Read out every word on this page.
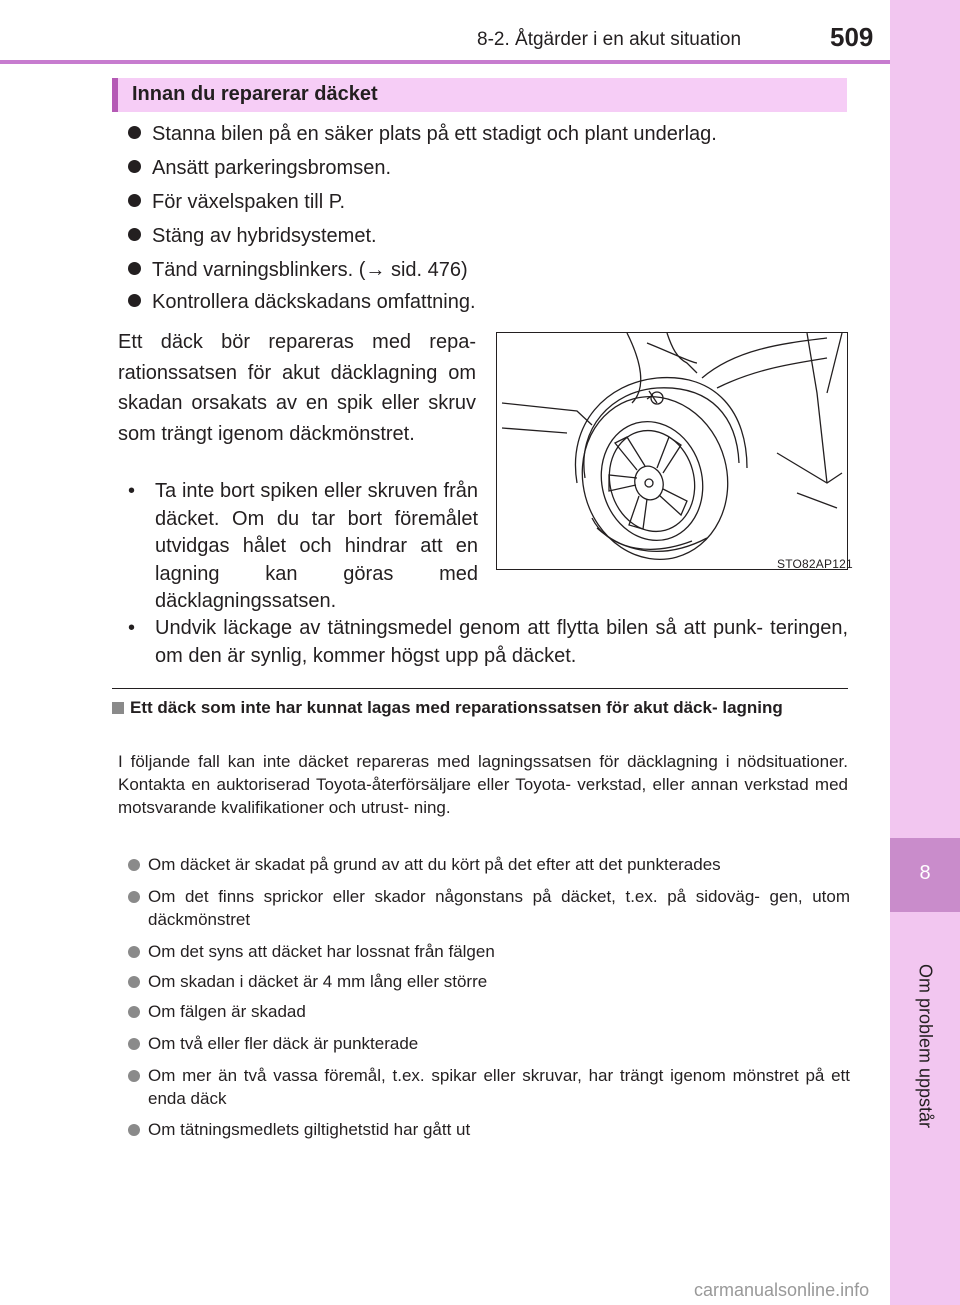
8-2. Åtgärder i en akut situation	509
8
Om problem uppstår
Innan du reparerar däcket
Stanna bilen på en säker plats på ett stadigt och plant underlag.
Ansätt parkeringsbromsen.
För växelspaken till P.
Stäng av hybridsystemet.
Tänd varningsblinkers. (→ sid. 476)
Kontrollera däckskadans omfattning.
Ett däck bör repareras med repa- rationssatsen för akut däcklagning om skadan orsakats av en spik eller skruv som trängt igenom däckmönstret.
• Ta inte bort spiken eller skruven från däcket. Om du tar bort föremålet utvidgas hålet och hindrar att en lagning kan göras med däcklagningssatsen.
• Undvik läckage av tätningsmedel genom att flytta bilen så att punk- teringen, om den är synlig, kommer högst upp på däcket.
STO82AP121
Ett däck som inte har kunnat lagas med reparationssatsen för akut däck- lagning
I följande fall kan inte däcket repareras med lagningssatsen för däcklagning i nödsituationer. Kontakta en auktoriserad Toyota-återförsäljare eller Toyota- verkstad, eller annan verkstad med motsvarande kvalifikationer och utrust- ning.
Om däcket är skadat på grund av att du kört på det efter att det punkterades
Om det finns sprickor eller skador någonstans på däcket, t.ex. på sidoväg- gen, utom däckmönstret
Om det syns att däcket har lossnat från fälgen
Om skadan i däcket är 4 mm lång eller större
Om fälgen är skadad
Om två eller fler däck är punkterade
Om mer än två vassa föremål, t.ex. spikar eller skruvar, har trängt igenom mönstret på ett enda däck
Om tätningsmedlets giltighetstid har gått ut
carmanualsonline.info
